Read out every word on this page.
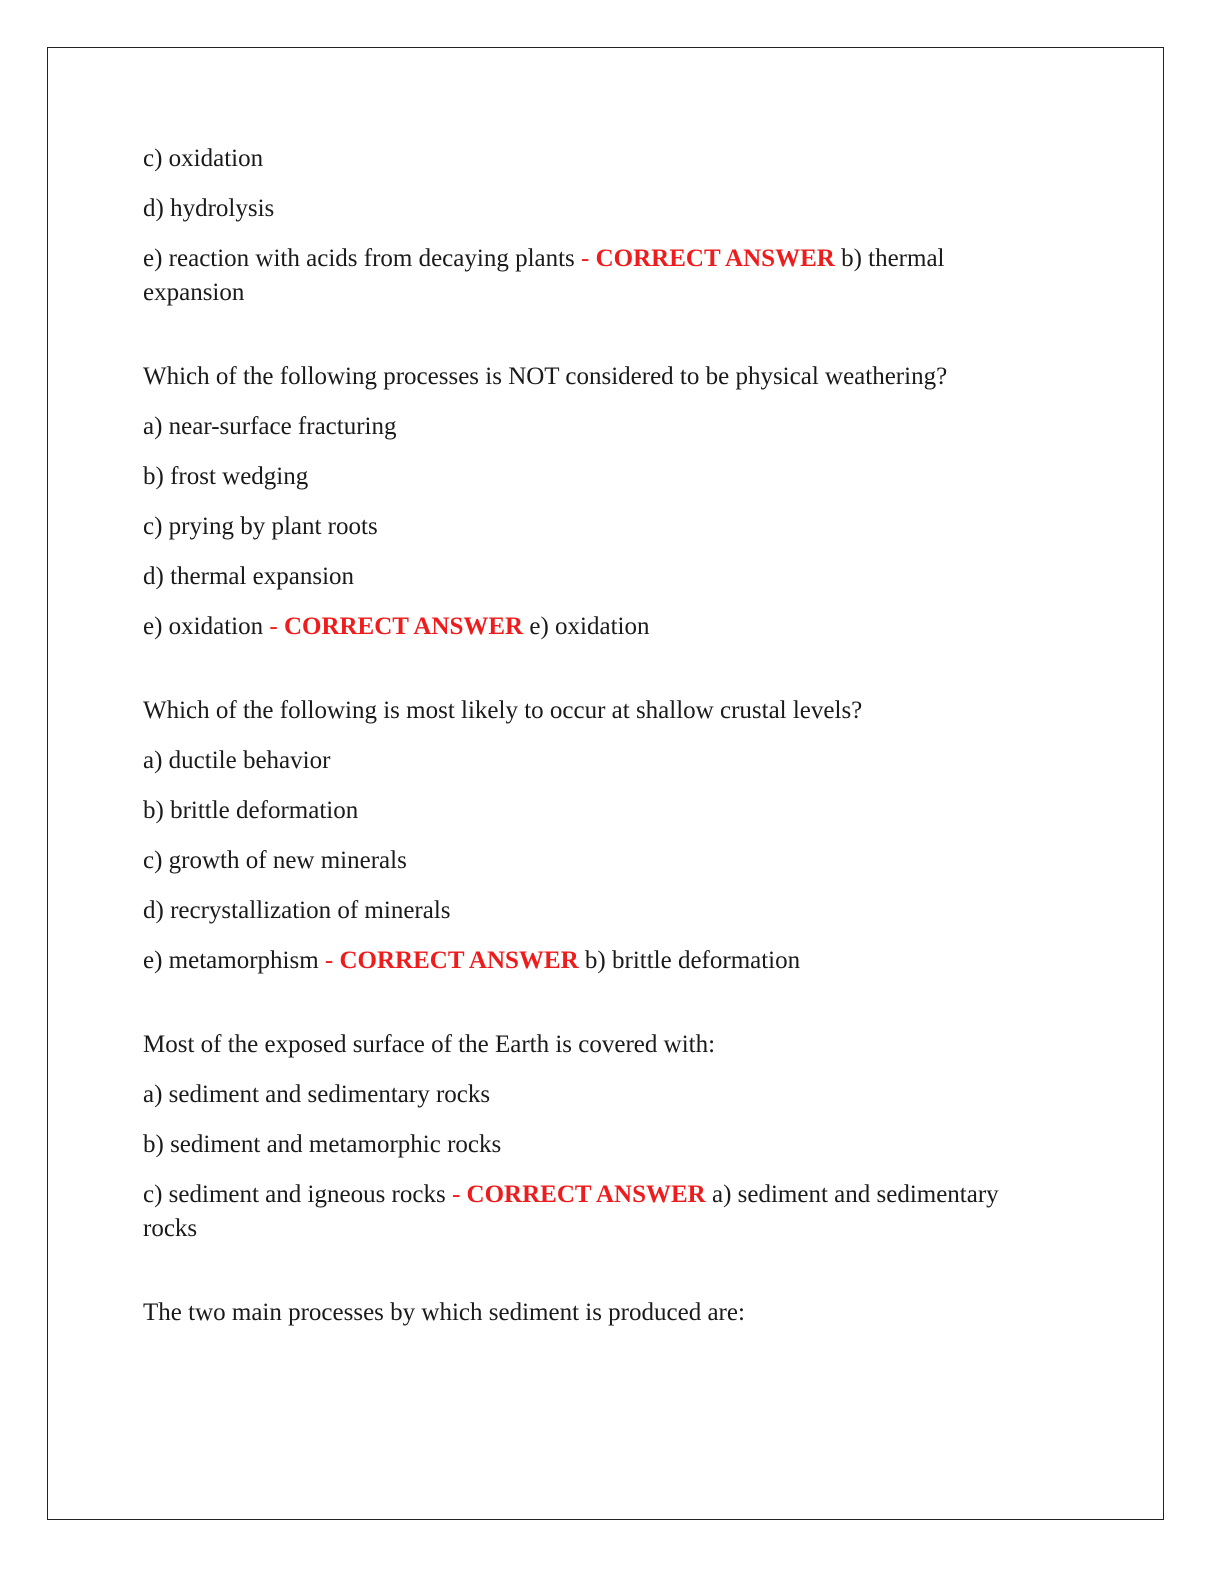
c) oxidation
d) hydrolysis
e) reaction with acids from decaying plants - CORRECT ANSWER b) thermal expansion
Which of the following processes is NOT considered to be physical weathering?
a) near-surface fracturing
b) frost wedging
c) prying by plant roots
d) thermal expansion
e) oxidation - CORRECT ANSWER e) oxidation
Which of the following is most likely to occur at shallow crustal levels?
a) ductile behavior
b) brittle deformation
c) growth of new minerals
d) recrystallization of minerals
e) metamorphism - CORRECT ANSWER b) brittle deformation
Most of the exposed surface of the Earth is covered with:
a) sediment and sedimentary rocks
b) sediment and metamorphic rocks
c) sediment and igneous rocks - CORRECT ANSWER a) sediment and sedimentary rocks
The two main processes by which sediment is produced are:
